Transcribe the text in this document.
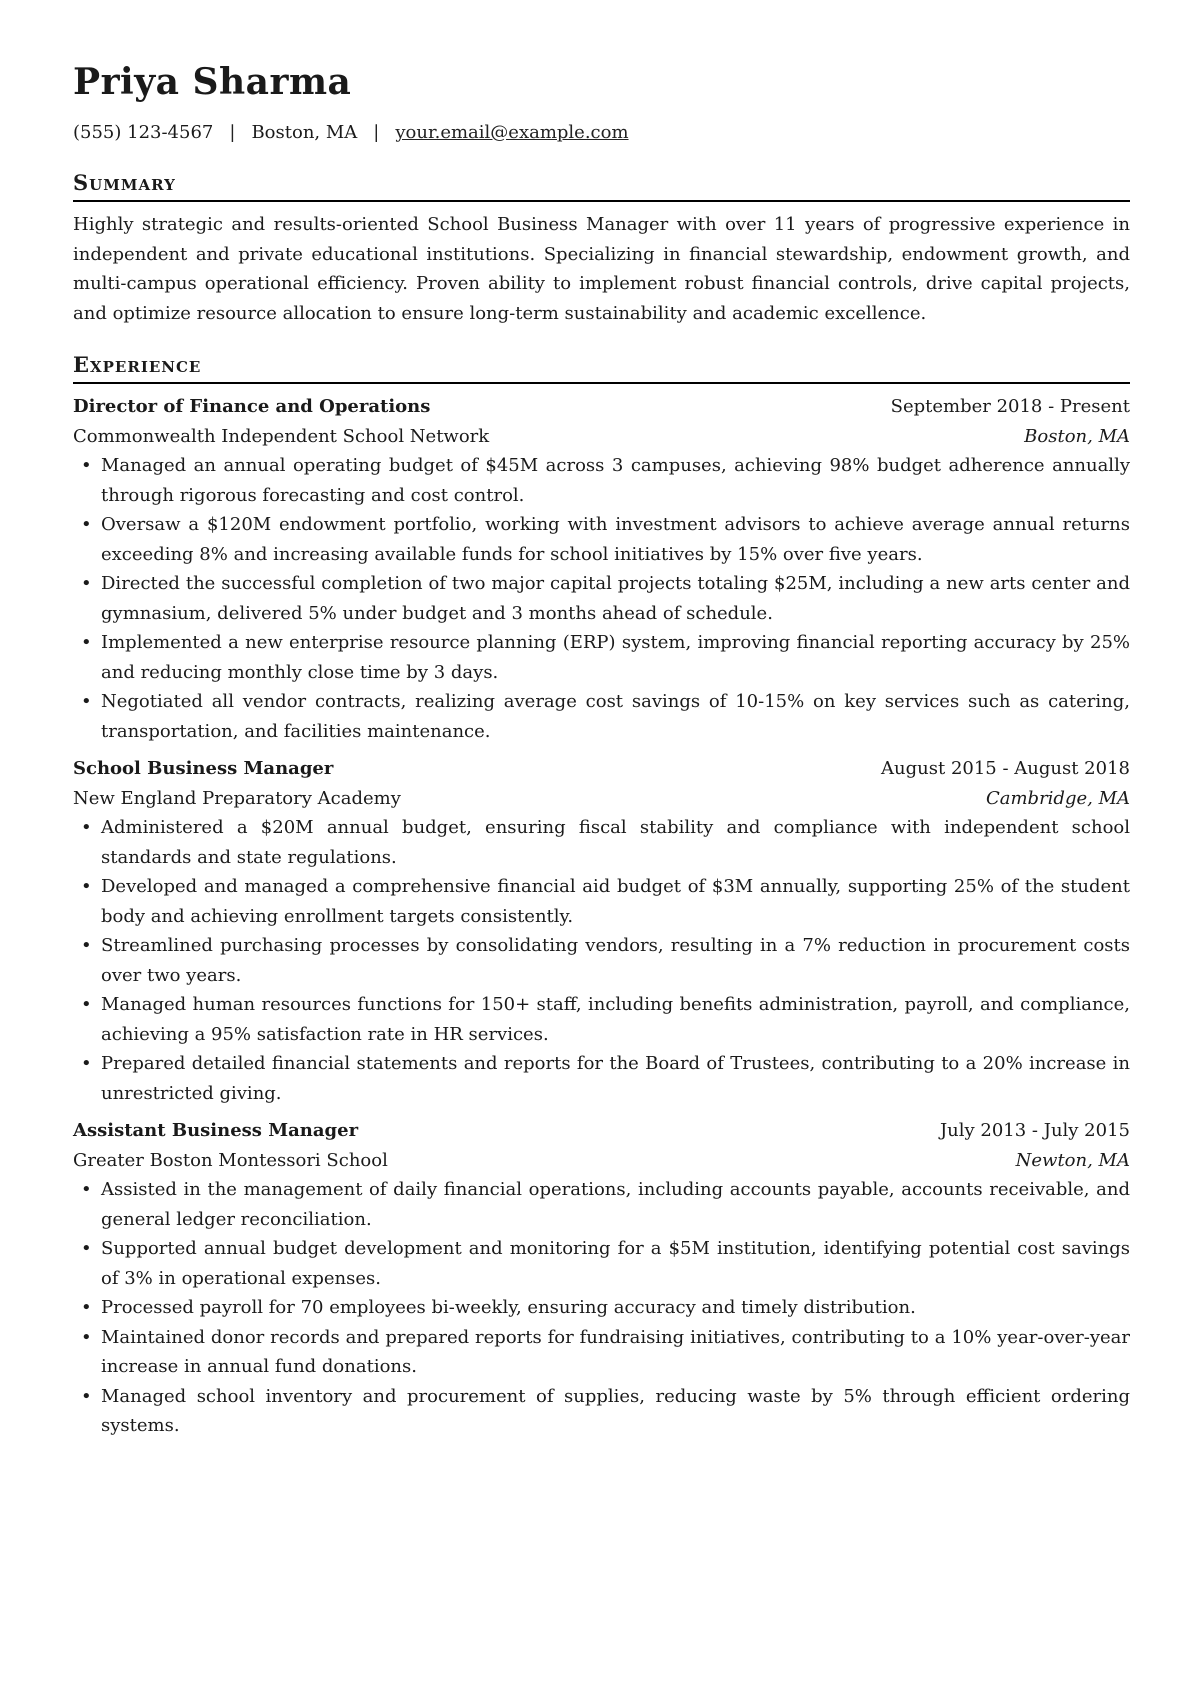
Priya Sharma
(555) 123-4567 | Boston, MA | your.email@example.com
Summary
Highly strategic and results-oriented School Business Manager with over 11 years of progressive experience in independent and private educational institutions. Specializing in financial stewardship, endowment growth, and multi-campus operational efficiency. Proven ability to implement robust financial controls, drive capital projects, and optimize resource allocation to ensure long-term sustainability and academic excellence.
Experience
Director of Finance and Operations	September 2018 - Present
Commonwealth Independent School Network	Boston, MA
• Managed an annual operating budget of $45M across 3 campuses, achieving 98% budget adherence annually through rigorous forecasting and cost control.
• Oversaw a $120M endowment portfolio, working with investment advisors to achieve average annual returns exceeding 8% and increasing available funds for school initiatives by 15% over five years.
• Directed the successful completion of two major capital projects totaling $25M, including a new arts center and gymnasium, delivered 5% under budget and 3 months ahead of schedule.
• Implemented a new enterprise resource planning (ERP) system, improving financial reporting accuracy by 25% and reducing monthly close time by 3 days.
• Negotiated all vendor contracts, realizing average cost savings of 10-15% on key services such as catering, transportation, and facilities maintenance.
School Business Manager	August 2015 - August 2018
New England Preparatory Academy	Cambridge, MA
• Administered a $20M annual budget, ensuring fiscal stability and compliance with independent school standards and state regulations.
• Developed and managed a comprehensive financial aid budget of $3M annually, supporting 25% of the student body and achieving enrollment targets consistently.
• Streamlined purchasing processes by consolidating vendors, resulting in a 7% reduction in procurement costs over two years.
• Managed human resources functions for 150+ staff, including benefits administration, payroll, and compliance, achieving a 95% satisfaction rate in HR services.
• Prepared detailed financial statements and reports for the Board of Trustees, contributing to a 20% increase in unrestricted giving.
Assistant Business Manager	July 2013 - July 2015
Greater Boston Montessori School	Newton, MA
• Assisted in the management of daily financial operations, including accounts payable, accounts receivable, and general ledger reconciliation.
• Supported annual budget development and monitoring for a $5M institution, identifying potential cost savings of 3% in operational expenses.
• Processed payroll for 70 employees bi-weekly, ensuring accuracy and timely distribution.
• Maintained donor records and prepared reports for fundraising initiatives, contributing to a 10% year-over-year increase in annual fund donations.
• Managed school inventory and procurement of supplies, reducing waste by 5% through efficient ordering systems.
